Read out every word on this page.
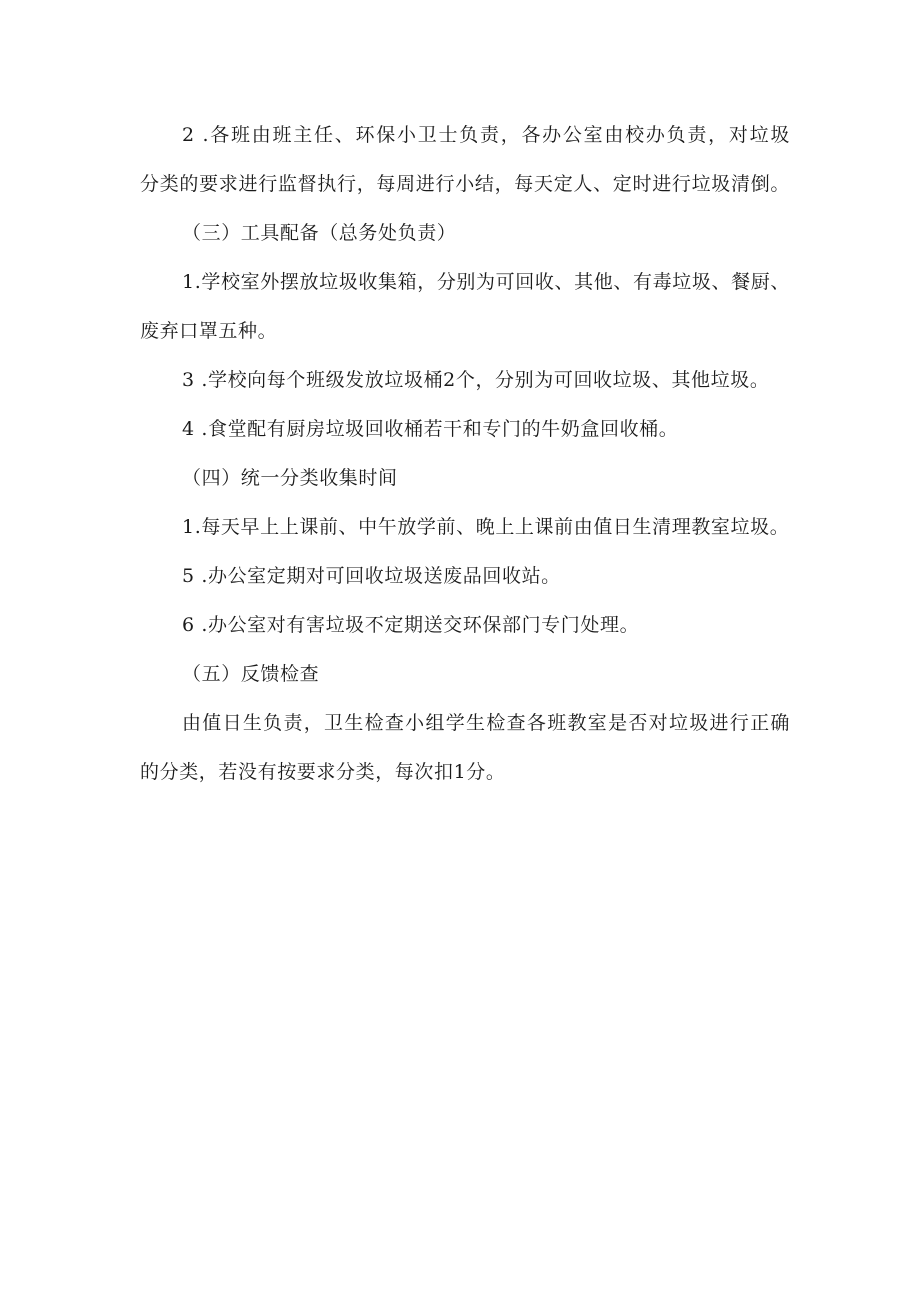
2 .各班由班主任、环保小卫士负责，各办公室由校办负责，对垃圾
分类的要求进行监督执行，每周进行小结，每天定人、定时进行垃圾清倒。
（三）工具配备（总务处负责）
1.学校室外摆放垃圾收集箱，分别为可回收、其他、有毒垃圾、餐厨、
废弃口罩五种。
3 .学校向每个班级发放垃圾桶2个，分别为可回收垃圾、其他垃圾。
4 .食堂配有厨房垃圾回收桶若干和专门的牛奶盒回收桶。
（四）统一分类收集时间
1.每天早上上课前、中午放学前、晚上上课前由值日生清理教室垃圾。
5 .办公室定期对可回收垃圾送废品回收站。
6 .办公室对有害垃圾不定期送交环保部门专门处理。
（五）反馈检查
由值日生负责，卫生检查小组学生检查各班教室是否对垃圾进行正确
的分类，若没有按要求分类，每次扣1分。
